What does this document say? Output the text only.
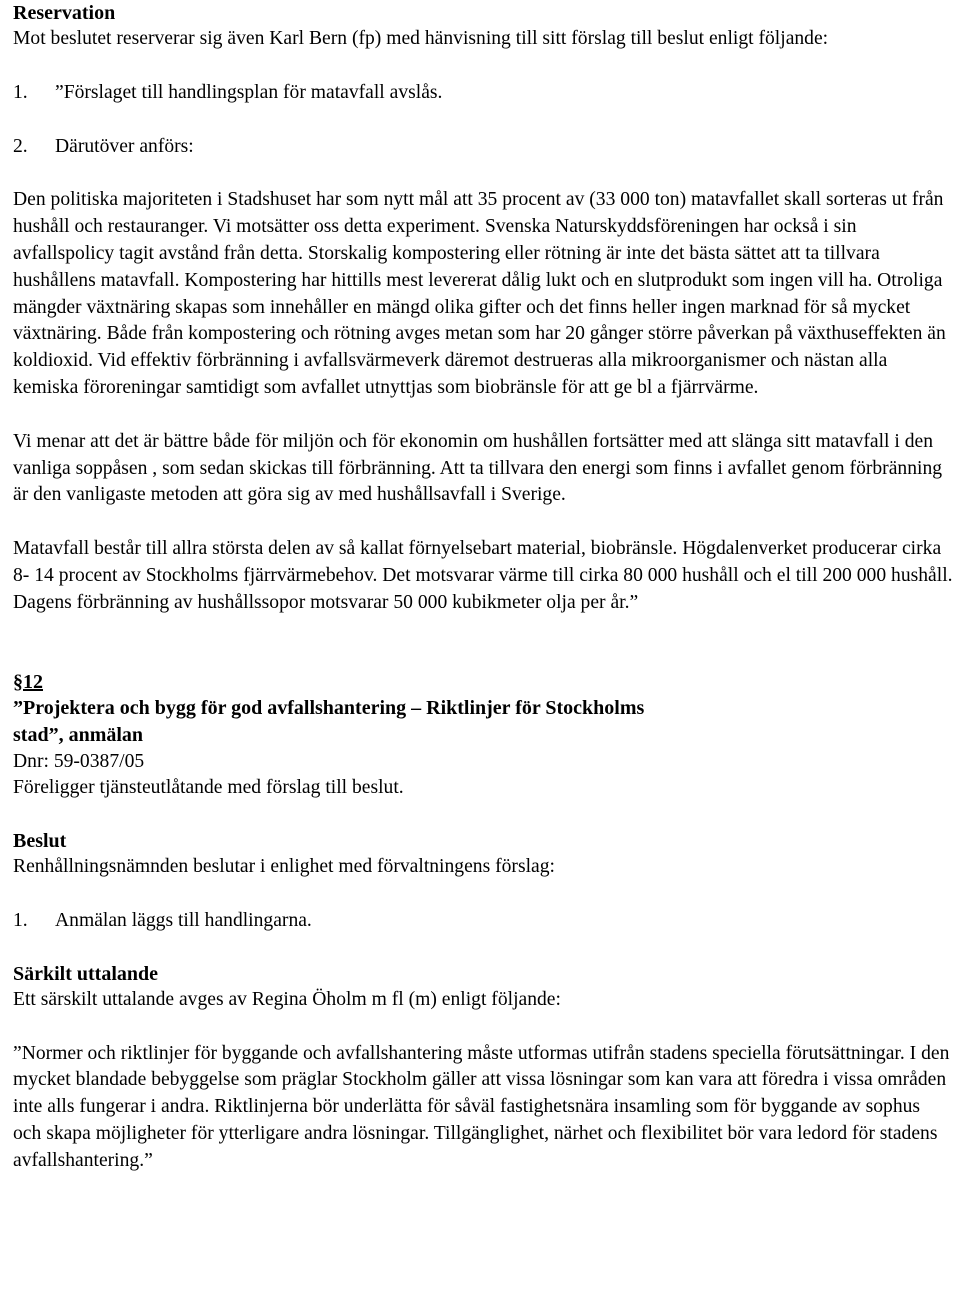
Reservation

Mot beslutet reserverar sig även Karl Bern (fp) med hänvisning till sitt förslag till beslut enligt följande:

1.	”Förslaget till handlingsplan för matavfall avslås.
2.	Därutöver anförs:

Den politiska majoriteten i Stadshuset har som nytt mål att 35 procent av (33 000 ton) matavfallet skall sorteras ut från hushåll och restauranger. Vi motsätter oss detta experiment. Svenska Naturskyddsföreningen har också i sin avfallspolicy tagit avstånd från detta. Storskalig kompostering eller rötning är inte det bästa sättet att ta tillvara hushållens matavfall. Kompostering har hittills mest levererat dålig lukt och en slutprodukt som ingen vill ha. Otroliga mängder växtnäring skapas som innehåller en mängd olika gifter och det finns heller ingen marknad för så mycket växtnäring. Både från kompostering och rötning avges metan som har 20 gånger större påverkan på växthuseffekten än koldioxid. Vid effektiv förbränning i avfallsvärmeverk däremot destrueras alla mikroorganismer och nästan alla kemiska föroreningar samtidigt som avfallet utnyttjas som biobränsle för att ge bl a fjärrvärme.

Vi menar att det är bättre både för miljön och för ekonomin om hushållen fortsätter med att slänga sitt matavfall i den vanliga soppåsen , som sedan skickas till förbränning. Att ta tillvara den energi som finns i avfallet genom förbränning är den vanligaste metoden att göra sig av med hushållsavfall i Sverige.

Matavfall består till allra största delen av så kallat förnyelsebart material, biobränsle. Högdalenverket producerar cirka 8- 14 procent av Stockholms fjärrvärmebehov. Det motsvarar värme till cirka 80 000 hushåll och el till 200 000 hushåll. Dagens förbränning av hushållssopor motsvarar 50 000 kubikmeter olja per år.”

§12

”Projektera och bygg för god avfallshantering – Riktlinjer för Stockholms stad”, anmälan

Dnr: 59-0387/05

Föreligger tjänsteutlåtande med förslag till beslut.

Beslut

Renhållningsnämnden beslutar i enlighet med förvaltningens förslag:

1.	Anmälan läggs till handlingarna.
Särkilt uttalande

Ett särskilt uttalande avges av Regina Öholm m fl (m) enligt följande:

”Normer och riktlinjer för byggande och avfallshantering måste utformas utifrån stadens speciella förutsättningar. I den mycket blandade bebyggelse som präglar Stockholm gäller att vissa lösningar som kan vara att föredra i vissa områden inte alls fungerar i andra. Riktlinjerna bör underlätta för såväl fastighetsnära insamling som för byggande av sophus och skapa möjligheter för ytterligare andra lösningar. Tillgänglighet, närhet och flexibilitet bör vara ledord för stadens avfallshantering.”
